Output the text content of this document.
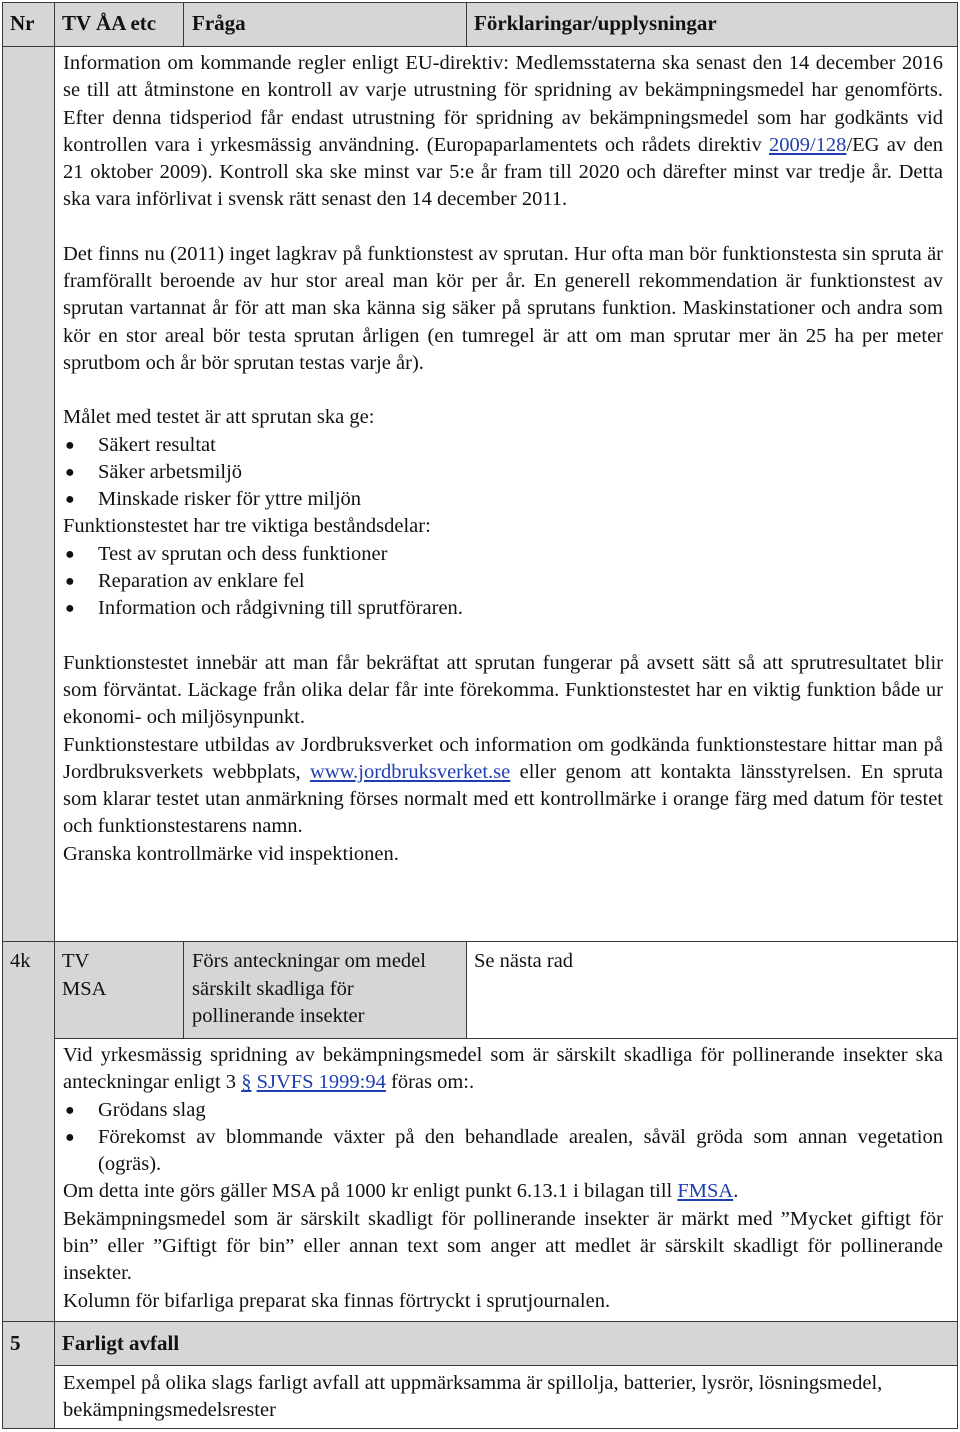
Nr TV ÅA etc Fråga	Förklaringar/upplysningar

Information om kommande regler enligt EU-direktiv: Medlemsstaterna ska senast den 14 december 2016 se till att åtminstone en kontroll av varje utrustning för spridning av bekämpningsmedel har genomförts. Efter denna tidsperiod får endast utrustning för spridning av bekämpningsmedel som har godkänts vid kontrollen vara i yrkesmässig användning. (Europaparlamentets och rådets direktiv 2009/128/EG av den 21 oktober 2009). Kontroll ska ske minst var 5:e år fram till 2020 och därefter minst var tredje år. Detta ska vara införlivat i svensk rätt senast den 14 december 2011.

Det finns nu (2011) inget lagkrav på funktionstest av sprutan. Hur ofta man bör funktionstesta sin spruta är framförallt beroende av hur stor areal man kör per år. En generell rekommendation är funktionstest av sprutan vartannat år för att man ska känna sig säker på sprutans funktion. Maskinstationer och andra som kör en stor areal bör testa sprutan årligen (en tumregel är att om man sprutar mer än 25 ha per meter sprutbom och år bör sprutan testas varje år).

Målet med testet är att sprutan ska ge:

● Säkert resultat
● Säker arbetsmiljö
● Minskade risker för yttre miljön

Funktionstestet har tre viktiga beståndsdelar:

● Test av sprutan och dess funktioner
● Reparation av enklare fel
● Information och rådgivning till sprutföraren.

Funktionstestet innebär att man får bekräftat att sprutan fungerar på avsett sätt så att sprutresultatet blir som förväntat. Läckage från olika delar får inte förekomma. Funktionstestet har en viktig funktion både ur ekonomi- och miljösynpunkt.

Funktionstestare utbildas av Jordbruksverket och information om godkända funktionstestare hittar man på Jordbruksverkets webbplats, www.jordbruksverket.se eller genom att kontakta länsstyrelsen. En spruta som klarar testet utan anmärkning förses normalt med ett kontrollmärke i orange färg med datum för testet och funktionstestarens namn.

Granska kontrollmärke vid inspektionen.

4k TV
MSA
Förs anteckningar om medel särskilt skadliga för pollinerande insekter
Se nästa rad

Vid yrkesmässig spridning av bekämpningsmedel som är särskilt skadliga för pollinerande insekter ska anteckningar enligt 3 § SJVFS 1999:94 föras om:.

● Grödans slag
● Förekomst av blommande växter på den behandlade arealen, såväl gröda som annan vegetation (ogräs).

Om detta inte görs gäller MSA på 1000 kr enligt punkt 6.13.1 i bilagan till FMSA.

Bekämpningsmedel som är särskilt skadligt för pollinerande insekter är märkt med ”Mycket giftigt för bin” eller ”Giftigt för bin” eller annan text som anger att medlet är särskilt skadligt för pollinerande insekter.

Kolumn för bifarliga preparat ska finnas förtryckt i sprutjournalen.

5 Farligt avfall

Exempel på olika slags farligt avfall att uppmärksamma är spillolja, batterier, lysrör, lösningsmedel, bekämpningsmedelsrester
